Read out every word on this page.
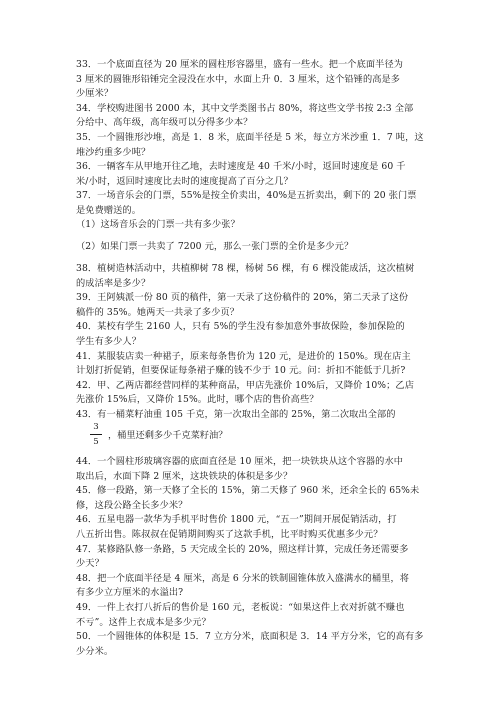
33．一个底面直径为 20 厘米的圆柱形容器里，盛有一些水。把一个底面半径为
3 厘米的圆锥形铅锤完全浸没在水中，水面上升 0．3 厘米，这个铅锤的高是多
少厘米？
34．学校购进图书 2000 本，其中文学类图书占 80%，将这些文学书按 2:3 全部
分给中、高年级，高年级可以分得多少本？
35．一个圆锥形沙堆，高是 1．8 米，底面半径是 5 米，每立方米沙重 1．7 吨，这
堆沙约重多少吨？
36．一辆客车从甲地开往乙地，去时速度是 40 千米/小时，返回时速度是 60 千
米/小时，返回时速度比去时的速度提高了百分之几？
37．一场音乐会的门票，55%是按全价卖出，40%是五折卖出，剩下的 20 张门票
是免费赠送的。
（1）这场音乐会的门票一共有多少张？
（2）如果门票一共卖了 7200 元，那么一张门票的全价是多少元？
38．植树造林活动中，共植柳树 78 棵，杨树 56 棵，有 6 棵没能成活，这次植树
的成活率是多少？
39．王阿姨派一份 80 页的稿件，第一天录了这份稿件的 20%，第二天录了这份
稿件的 35%。她两天一共录了多少页？
40．某校有学生 2160 人，只有 5%的学生没有参加意外事故保险，参加保险的
学生有多少人？
41．某服装店卖一种裙子，原来每条售价为 120 元，是进价的 150%。现在店主
计划打折促销，但要保证每条裙子赚的钱不少于 10 元。问：折扣不能低于几折?
42．甲、乙两店都经营同样的某种商品，甲店先涨价 10%后，又降价 10%；乙店
先涨价 15%后，又降价 15%。此时，哪个店的售价高些？
43．有一桶菜籽油重 105 千克，第一次取出全部的 25%，第二次取出全部的
3
5
，桶里还剩多少千克菜籽油？
44．一个圆柱形玻璃容器的底面直径是 10 厘米，把一块铁块从这个容器的水中
取出后，水面下降 2 厘米，这块铁块的体积是多少？
45．修一段路，第一天修了全长的 15%，第二天修了 960 米，还余全长的 65%未
修，这段公路全长多少米？
46．五星电器一款华为手机平时售价 1800 元，“五一”期间开展促销活动，打
八五折出售。陈叔叔在促销期间购买了这款手机，比平时购买优惠多少元？
47．某修路队修一条路，5 天完成全长的 20%，照这样计算，完成任务还需要多
少天？
48．把一个底面半径是 4 厘米，高是 6 分米的铁制圆锥体放入盛满水的桶里，将
有多少立方厘米的水溢出?
49．一件上衣打八折后的售价是 160 元，老板说：“如果这件上衣对折就不赚也
不亏”。这件上衣成本是多少元？
50．一个圆锥体的体积是 15．7 立方分米，底面积是 3．14 平方分米，它的高有多
少分米。
